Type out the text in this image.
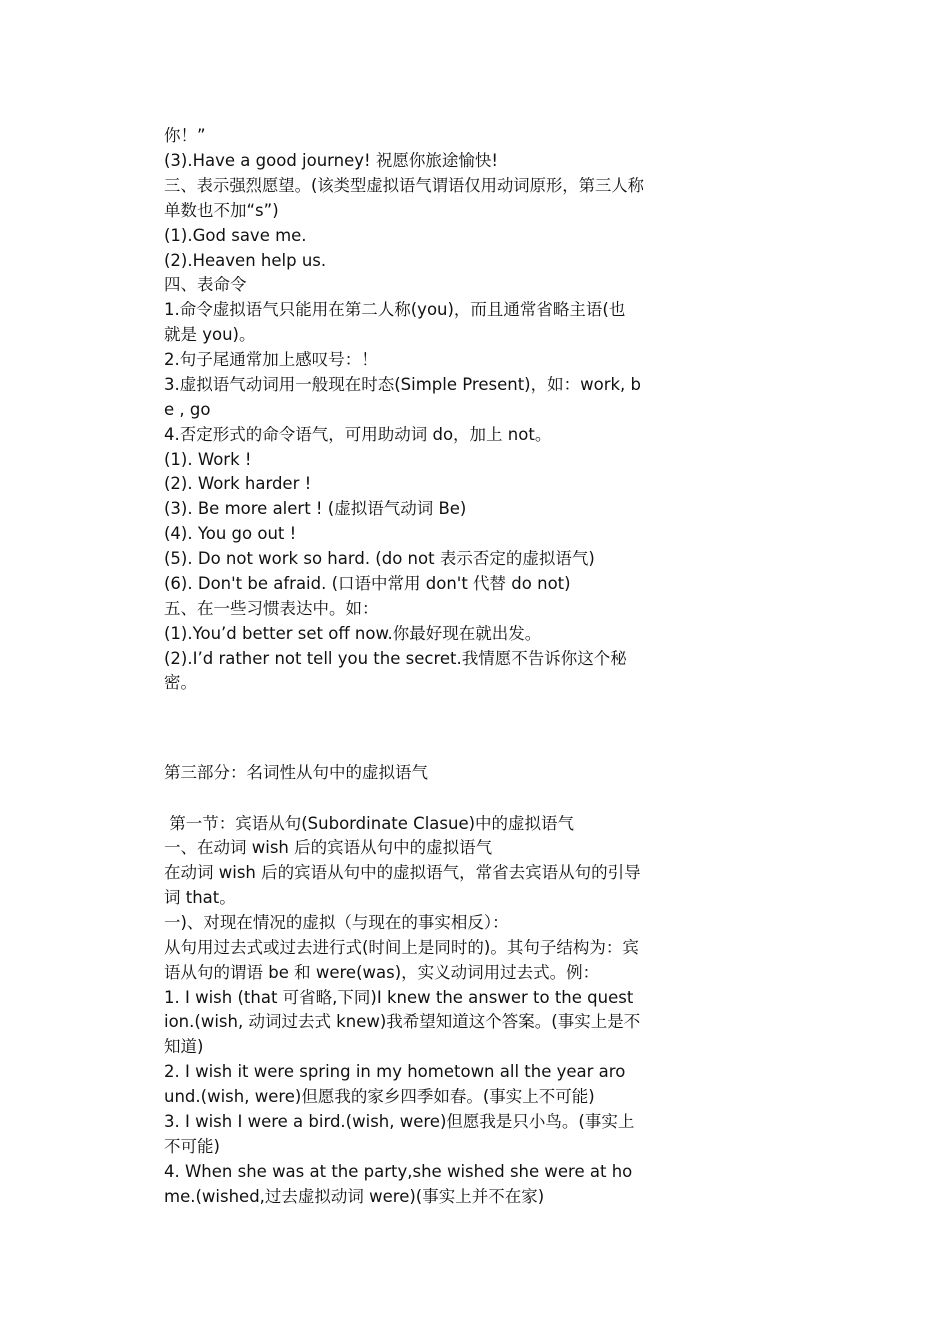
你！”

(3).Have a good journey! 祝愿你旅途愉快!

三、表示强烈愿望。(该类型虚拟语气谓语仅用动词原形，第三人称

单数也不加“s”)

(1).God save me.

(2).Heaven help us.

四、表命令

1.命令虚拟语气只能用在第二人称(you)，而且通常省略主语(也

就是 you)。

2.句子尾通常加上感叹号：！

3.虚拟语气动词用一般现在时态(Simple Present)，如：work, b

e , go

4.否定形式的命令语气，可用助动词 do，加上 not。

(1). Work !

(2). Work harder !

(3). Be more alert ! (虚拟语气动词 Be)

(4). You go out !

(5). Do not work so hard. (do not 表示否定的虚拟语气)

(6). Don't be afraid. (口语中常用 don't 代替 do not)

五、在一些习惯表达中。如：

(1).You’d better set off now.你最好现在就出发。

(2).I’d rather not tell you the secret.我情愿不告诉你这个秘

密。

第三部分：名词性从句中的虚拟语气

第一节：宾语从句(Subordinate Clasue)中的虚拟语气

一、在动词 wish 后的宾语从句中的虚拟语气

在动词 wish 后的宾语从句中的虚拟语气，常省去宾语从句的引导

词 that。

一)、对现在情况的虚拟（与现在的事实相反）：

从句用过去式或过去进行式(时间上是同时的)。其句子结构为：宾

语从句的谓语 be 和 were(was)，实义动词用过去式。例：

1. I wish (that 可省略,下同)I knew the answer to the quest

ion.(wish, 动词过去式 knew)我希望知道这个答案。(事实上是不

知道)

2. I wish it were spring in my hometown all the year aro

und.(wish, were)但愿我的家乡四季如春。(事实上不可能)

3. I wish I were a bird.(wish, were)但愿我是只小鸟。(事实上

不可能)

4. When she was at the party,she wished she were at ho

me.(wished,过去虚拟动词 were)(事实上并不在家)
